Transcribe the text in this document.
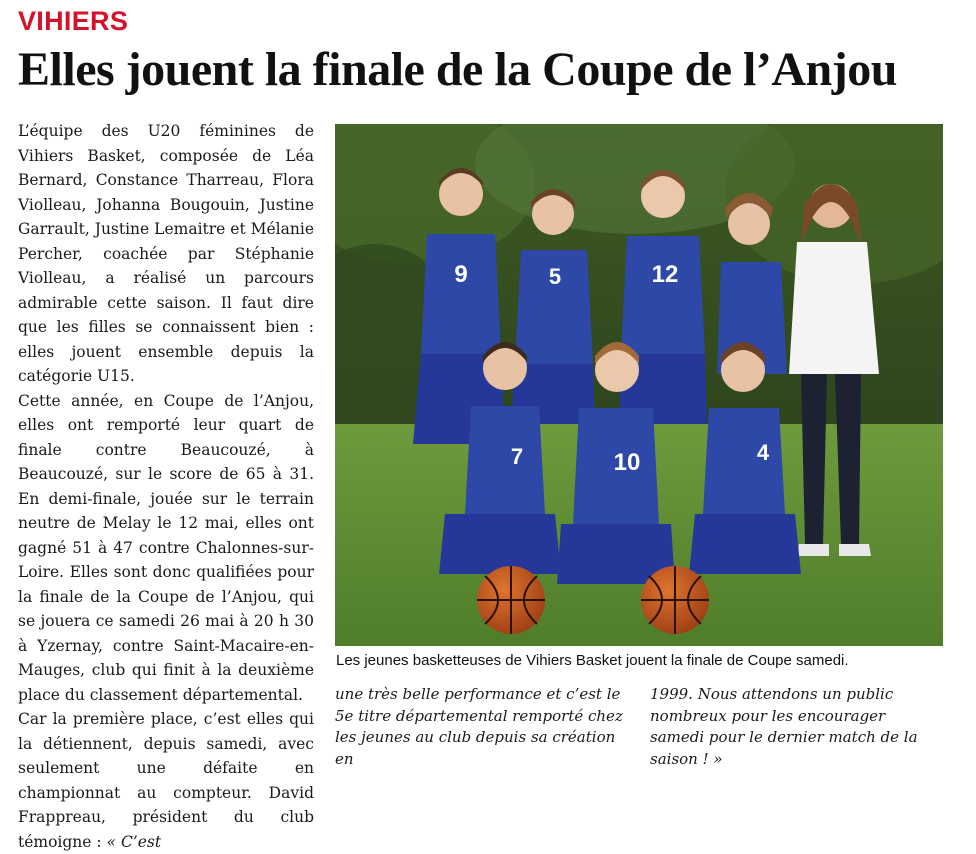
VIHIERS
Elles jouent la finale de la Coupe de l’Anjou

L’équipe des U20 féminines de Vihiers Basket, composée de Léa Bernard, Constance Tharreau, Flora Violleau, Johanna Bougouin, Justine Garrault, Justine Lemaitre et Mélanie Percher, coachée par Stéphanie Violleau, a réalisé un parcours admirable cette saison. Il faut dire que les filles se connaissent bien : elles jouent ensemble depuis la catégorie U15.

Cette année, en Coupe de l’Anjou, elles ont remporté leur quart de finale contre Beaucouzé, à Beaucouzé, sur le score de 65 à 31. En demi-finale, jouée sur le terrain neutre de Melay le 12 mai, elles ont gagné 51 à 47 contre Chalonnes-sur-Loire. Elles sont donc qualifiées pour la finale de la Coupe de l’Anjou, qui se jouera ce samedi 26 mai à 20 h 30 à Yzernay, contre Saint-Macaire-en-Mauges, club qui finit à la deuxième place du classement départemental.

Car la première place, c’est elles qui la détiennent, depuis samedi, avec seulement une défaite en championnat au compteur. David Frappreau, président du club témoigne : « C’est

9	5	12
7	10	4
Les jeunes basketteuses de Vihiers Basket jouent la finale de Coupe samedi.

une très belle performance et c’est le 5e titre départemental remporté chez les jeunes au club depuis sa création en

1999. Nous attendons un public nombreux pour les encourager samedi pour le dernier match de la saison ! »
